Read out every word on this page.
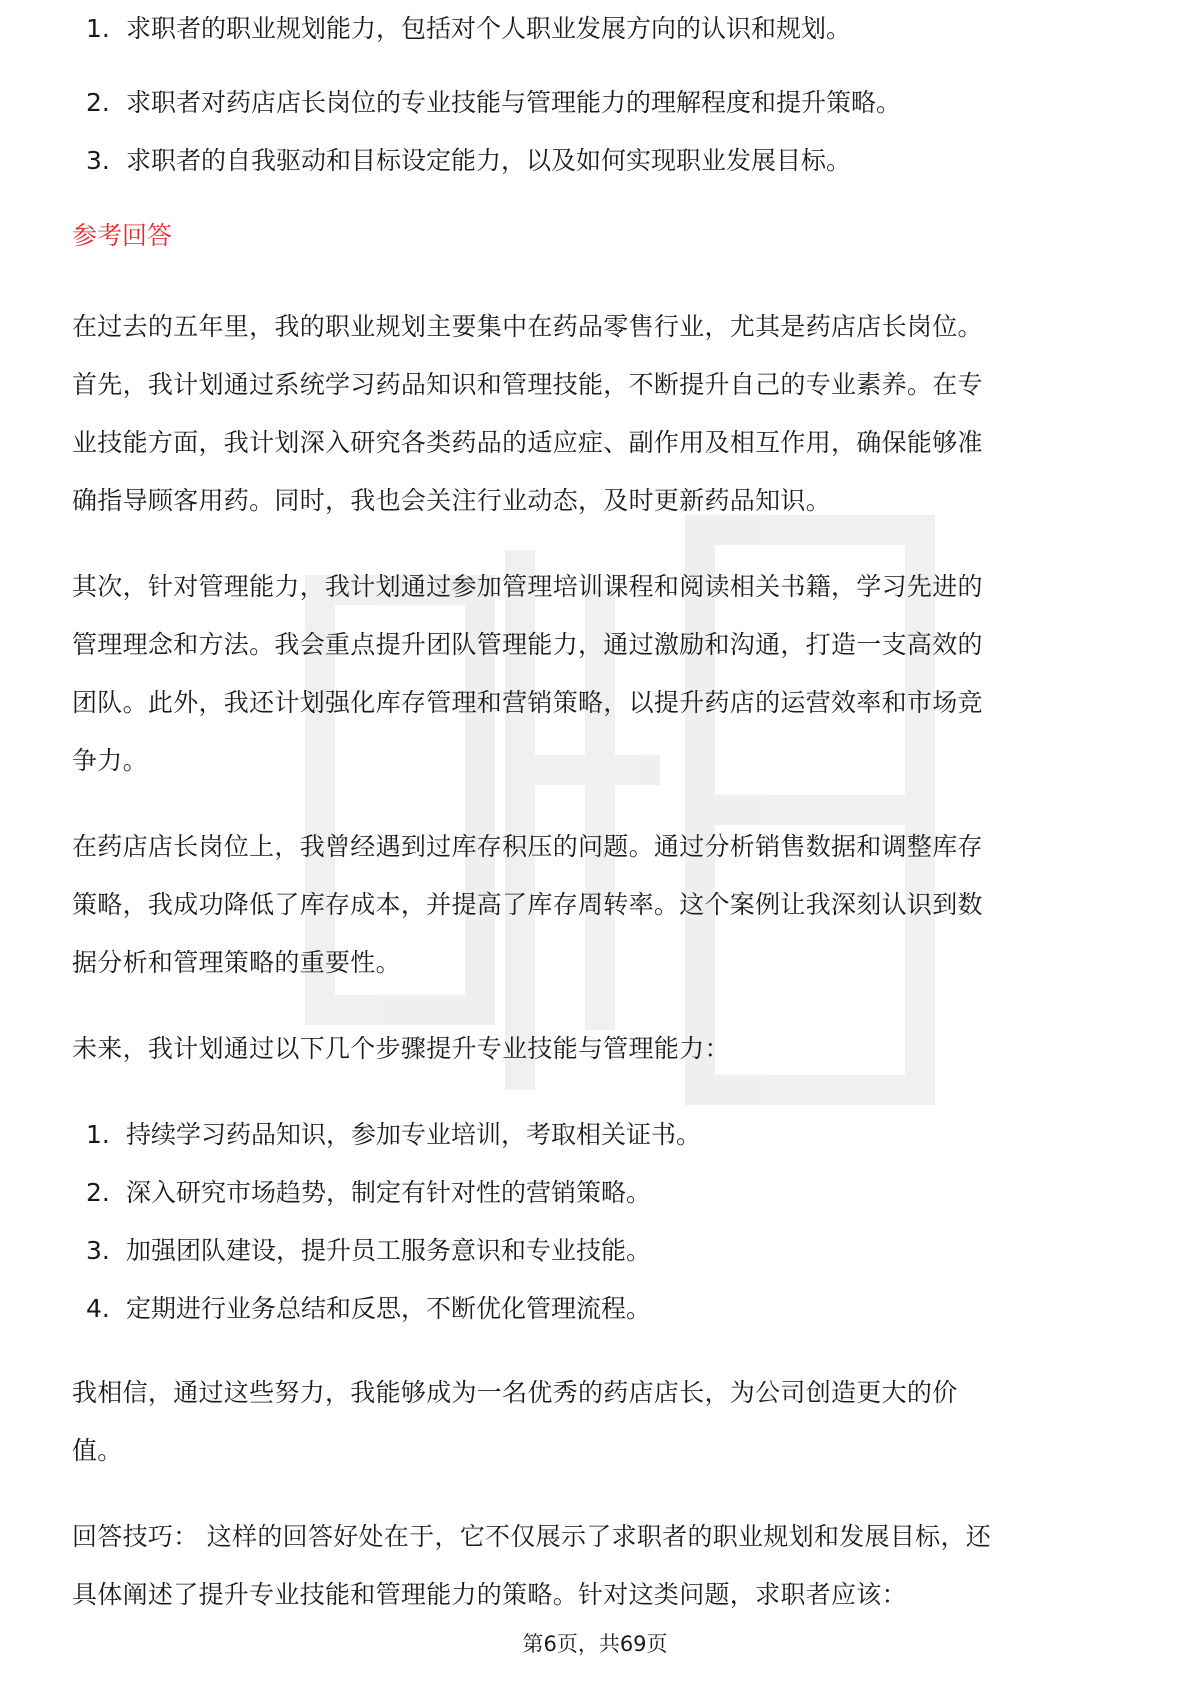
1. 求职者的职业规划能力，包括对个人职业发展方向的认识和规划。
2. 求职者对药店店长岗位的专业技能与管理能力的理解程度和提升策略。
3. 求职者的自我驱动和目标设定能力，以及如何实现职业发展目标。
参考回答
在过去的五年里，我的职业规划主要集中在药品零售行业，尤其是药店店长岗位。
首先，我计划通过系统学习药品知识和管理技能，不断提升自己的专业素养。在专
业技能方面，我计划深入研究各类药品的适应症、副作用及相互作用，确保能够准
确指导顾客用药。同时，我也会关注行业动态，及时更新药品知识。
其次，针对管理能力，我计划通过参加管理培训课程和阅读相关书籍，学习先进的
管理理念和方法。我会重点提升团队管理能力，通过激励和沟通，打造一支高效的
团队。此外，我还计划强化库存管理和营销策略，以提升药店的运营效率和市场竞
争力。
在药店店长岗位上，我曾经遇到过库存积压的问题。通过分析销售数据和调整库存
策略，我成功降低了库存成本，并提高了库存周转率。这个案例让我深刻认识到数
据分析和管理策略的重要性。
未来，我计划通过以下几个步骤提升专业技能与管理能力：
1. 持续学习药品知识，参加专业培训，考取相关证书。
2. 深入研究市场趋势，制定有针对性的营销策略。
3. 加强团队建设，提升员工服务意识和专业技能。
4. 定期进行业务总结和反思，不断优化管理流程。
我相信，通过这些努力，我能够成为一名优秀的药店店长，为公司创造更大的价
值。
回答技巧： 这样的回答好处在于，它不仅展示了求职者的职业规划和发展目标，还
具体阐述了提升专业技能和管理能力的策略。针对这类问题，求职者应该：
第6页，共69页
